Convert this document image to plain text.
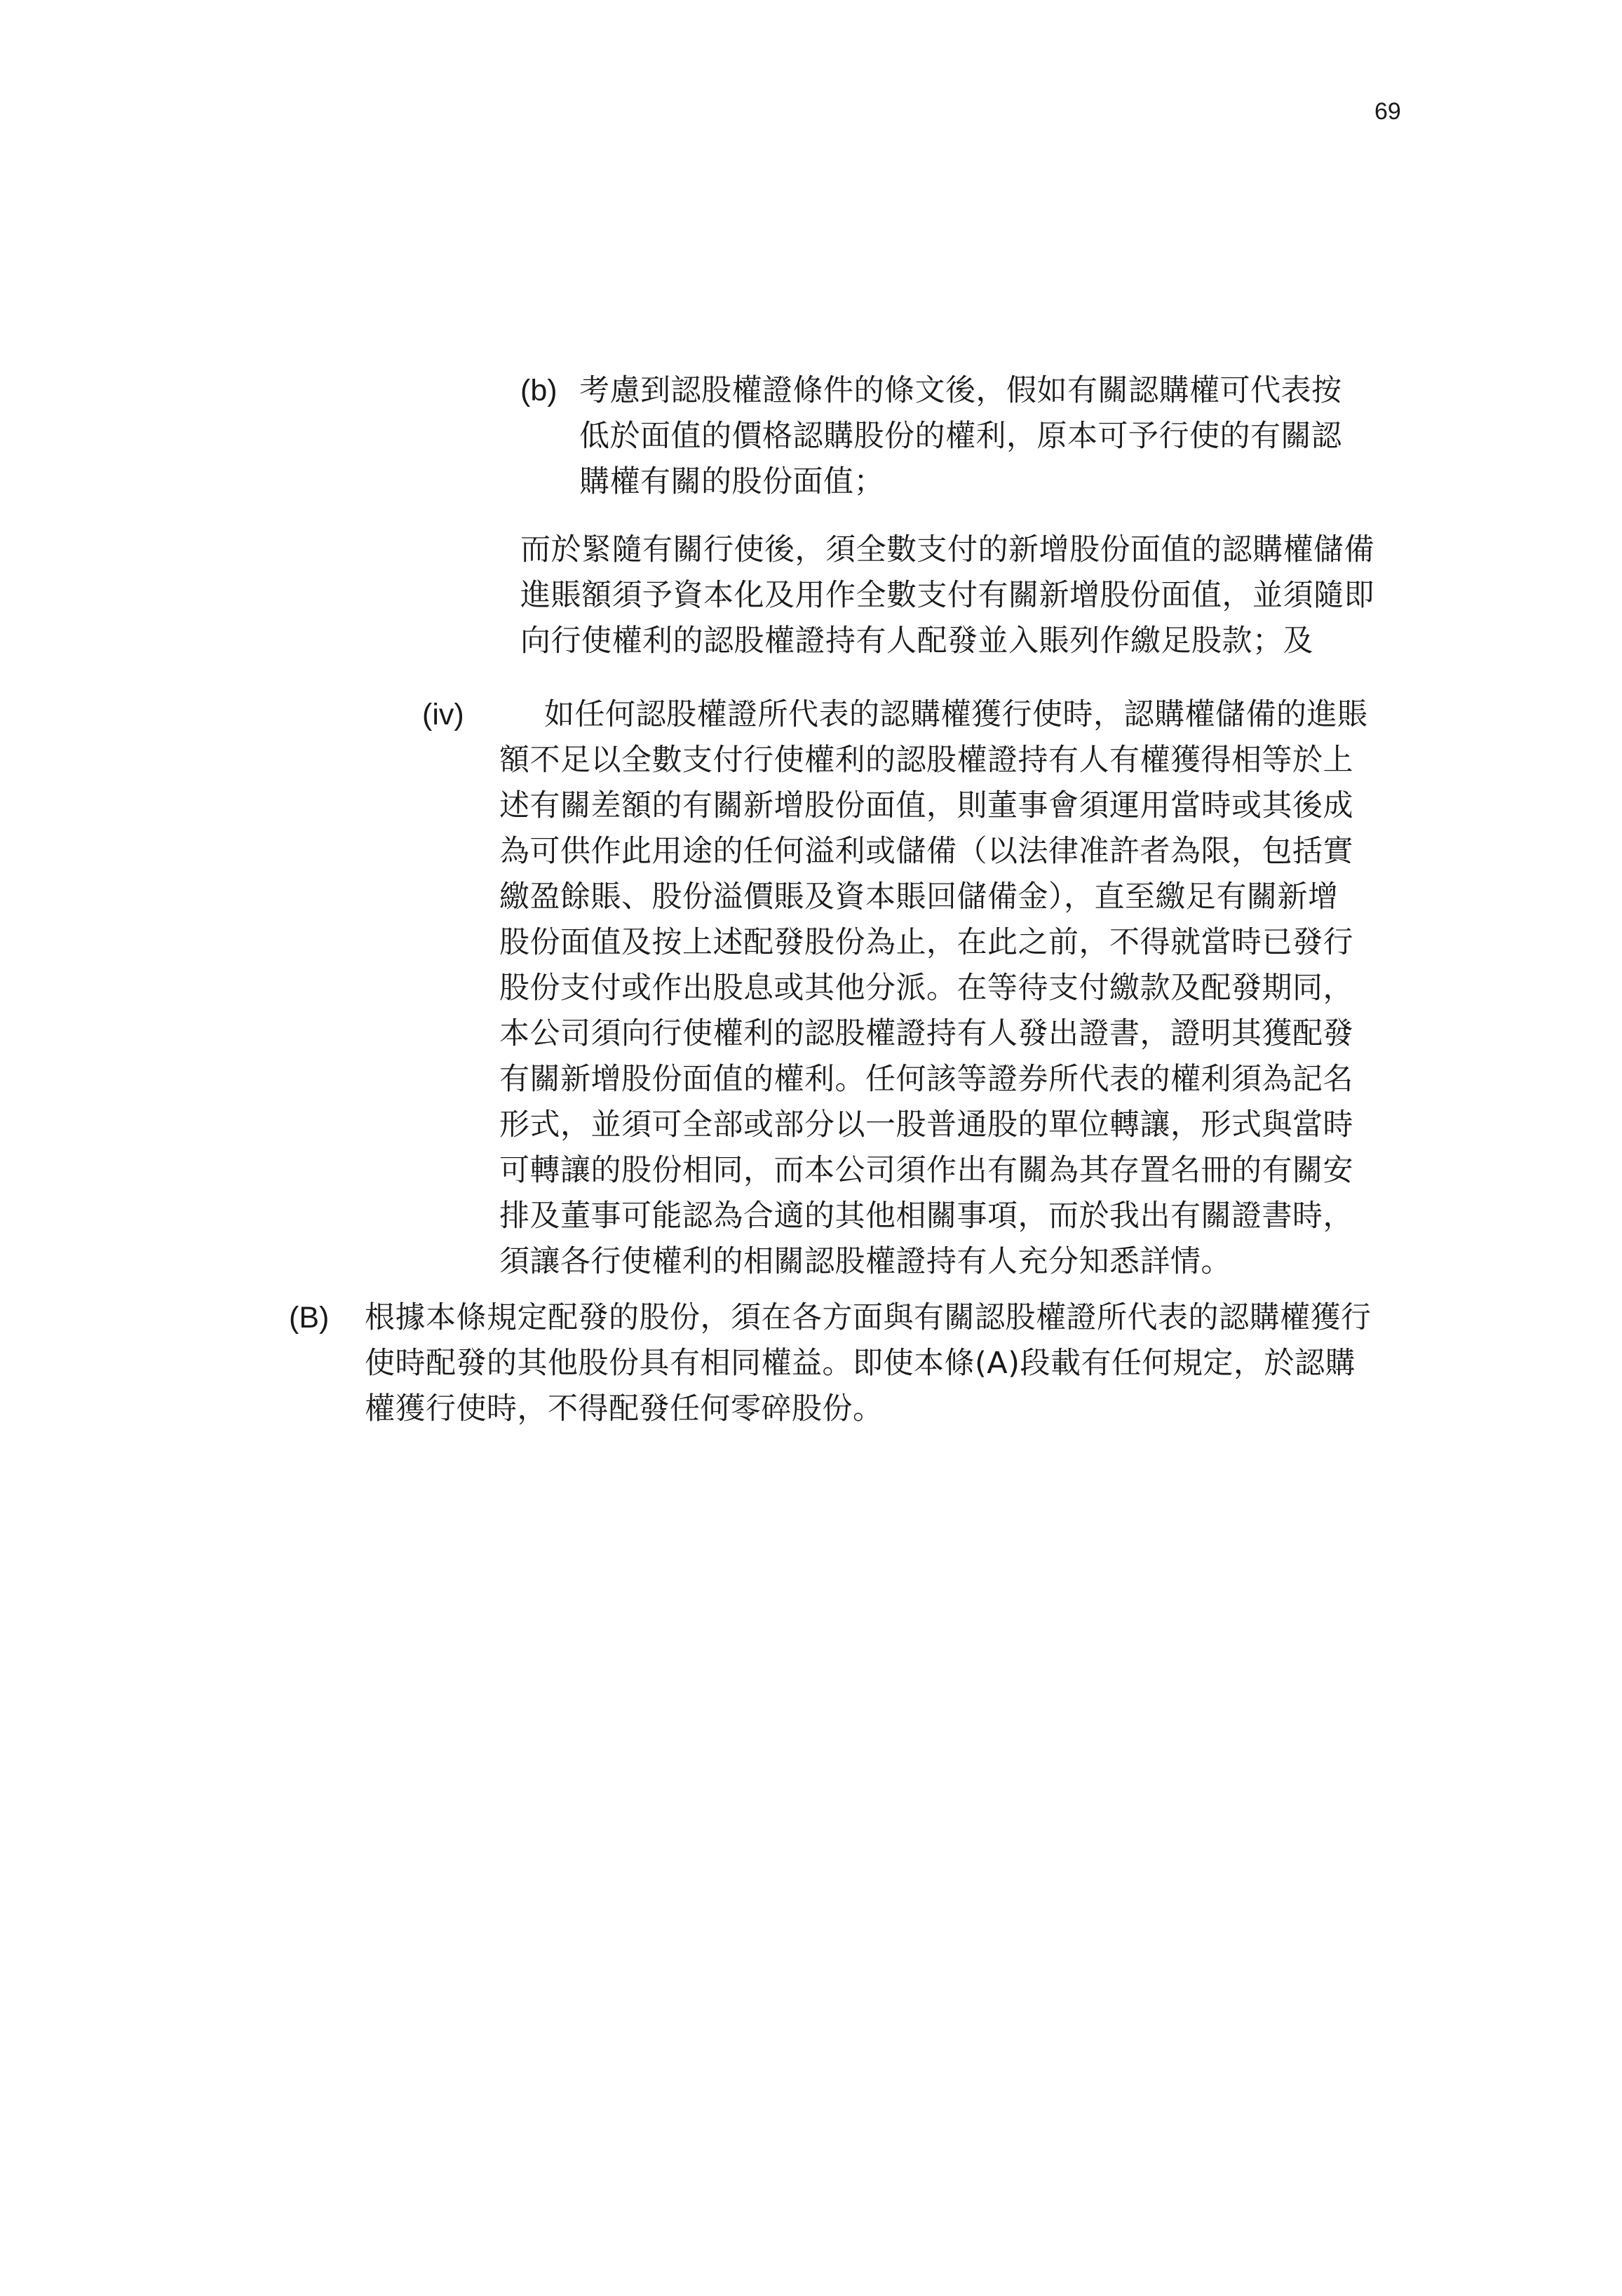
69
(b) 考慮到認股權證條件的條文後，假如有關認購權可代表按
低於面值的價格認購股份的權利，原本可予行使的有關認
購權有關的股份面值；
而於緊隨有關行使後，須全數支付的新增股份面值的認購權儲備
進賬額須予資本化及用作全數支付有關新增股份面值，並須隨即
向行使權利的認股權證持有人配發並入賬列作繳足股款；及
(iv)	如任何認股權證所代表的認購權獲行使時，認購權儲備的進賬
額不足以全數支付行使權利的認股權證持有人有權獲得相等於上
述有關差額的有關新增股份面值，則董事會須運用當時或其後成
為可供作此用途的任何溢利或儲備（以法律准許者為限，包括實
繳盈餘賬、股份溢價賬及資本賬回儲備金），直至繳足有關新增
股份面值及按上述配發股份為止，在此之前，不得就當時已發行
股份支付或作出股息或其他分派。在等待支付繳款及配發期同，
本公司須向行使權利的認股權證持有人發出證書，證明其獲配發
有關新增股份面值的權利。任何該等證券所代表的權利須為記名
形式，並須可全部或部分以一股普通股的單位轉讓，形式與當時
可轉讓的股份相同，而本公司須作出有關為其存置名冊的有關安
排及董事可能認為合適的其他相關事項，而於我出有關證書時，
須讓各行使權利的相關認股權證持有人充分知悉詳情。
(B) 根據本條規定配發的股份，須在各方面與有關認股權證所代表的認購權獲行
使時配發的其他股份具有相同權益。即使本條(A)段載有任何規定，於認購
權獲行使時，不得配發任何零碎股份。
